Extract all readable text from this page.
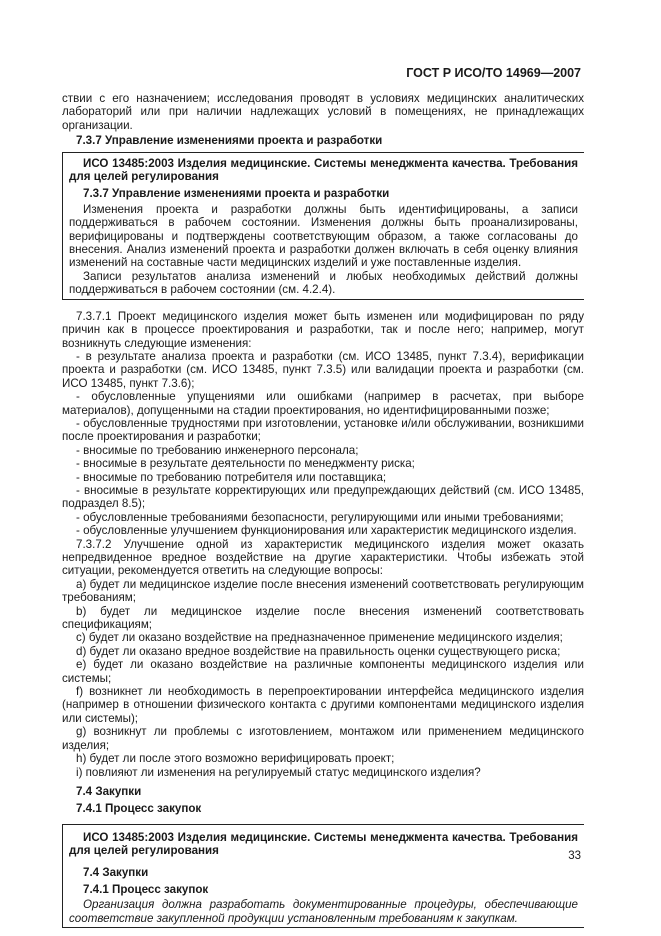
ГОСТ Р ИСО/ТО 14969—2007

ствии с его назначением; исследования проводят в условиях медицинских аналитических лабораторий или при наличии надлежащих условий в помещениях, не принадлежащих организации.

7.3.7 Управление изменениями проекта и разработки

ИСО 13485:2003 Изделия медицинские. Системы менеджмента качества. Требования для целей регулирования

7.3.7 Управление изменениями проекта и разработки

Изменения проекта и разработки должны быть идентифицированы, а записи поддерживаться в рабочем состоянии. Изменения должны быть проанализированы, верифицированы и подтверждены соответствующим образом, а также согласованы до внесения. Анализ изменений проекта и разработки должен включать в себя оценку влияния изменений на составные части медицинских изделий и уже поставленные изделия.

Записи результатов анализа изменений и любых необходимых действий должны поддерживаться в рабочем состоянии (см. 4.2.4).

7.3.7.1 Проект медицинского изделия может быть изменен или модифицирован по ряду причин как в процессе проектирования и разработки, так и после него; например, могут возникнуть следующие изменения:

- в результате анализа проекта и разработки (см. ИСО 13485, пункт 7.3.4), верификации проекта и разработки (см. ИСО 13485, пункт 7.3.5) или валидации проекта и разработки (см. ИСО 13485, пункт 7.3.6);

- обусловленные упущениями или ошибками (например в расчетах, при выборе материалов), допущенными на стадии проектирования, но идентифицированными позже;

- обусловленные трудностями при изготовлении, установке и/или обслуживании, возникшими после проектирования и разработки;

- вносимые по требованию инженерного персонала;

- вносимые в результате деятельности по менеджменту риска;

- вносимые по требованию потребителя или поставщика;

- вносимые в результате корректирующих или предупреждающих действий (см. ИСО 13485, подраздел 8.5);

- обусловленные требованиями безопасности, регулирующими или иными требованиями;

- обусловленные улучшением функционирования или характеристик медицинского изделия.

7.3.7.2 Улучшение одной из характеристик медицинского изделия может оказать непредвиденное вредное воздействие на другие характеристики. Чтобы избежать этой ситуации, рекомендуется ответить на следующие вопросы:

a) будет ли медицинское изделие после внесения изменений соответствовать регулирующим требованиям;

b) будет ли медицинское изделие после внесения изменений соответствовать спецификациям;

c) будет ли оказано воздействие на предназначенное применение медицинского изделия;

d) будет ли оказано вредное воздействие на правильность оценки существующего риска;

e) будет ли оказано воздействие на различные компоненты медицинского изделия или системы;

f) возникнет ли необходимость в перепроектировании интерфейса медицинского изделия (например в отношении физического контакта с другими компонентами медицинского изделия или системы);

g) возникнут ли проблемы с изготовлением, монтажом или применением медицинского изделия;

h) будет ли после этого возможно верифицировать проект;

i) повлияют ли изменения на регулируемый статус медицинского изделия?

7.4 Закупки

7.4.1 Процесс закупок

ИСО 13485:2003 Изделия медицинские. Системы менеджмента качества. Требования для целей регулирования

7.4 Закупки

7.4.1 Процесс закупок

Организация должна разработать документированные процедуры, обеспечивающие соответствие закупленной продукции установленным требованиям к закупкам.

33
